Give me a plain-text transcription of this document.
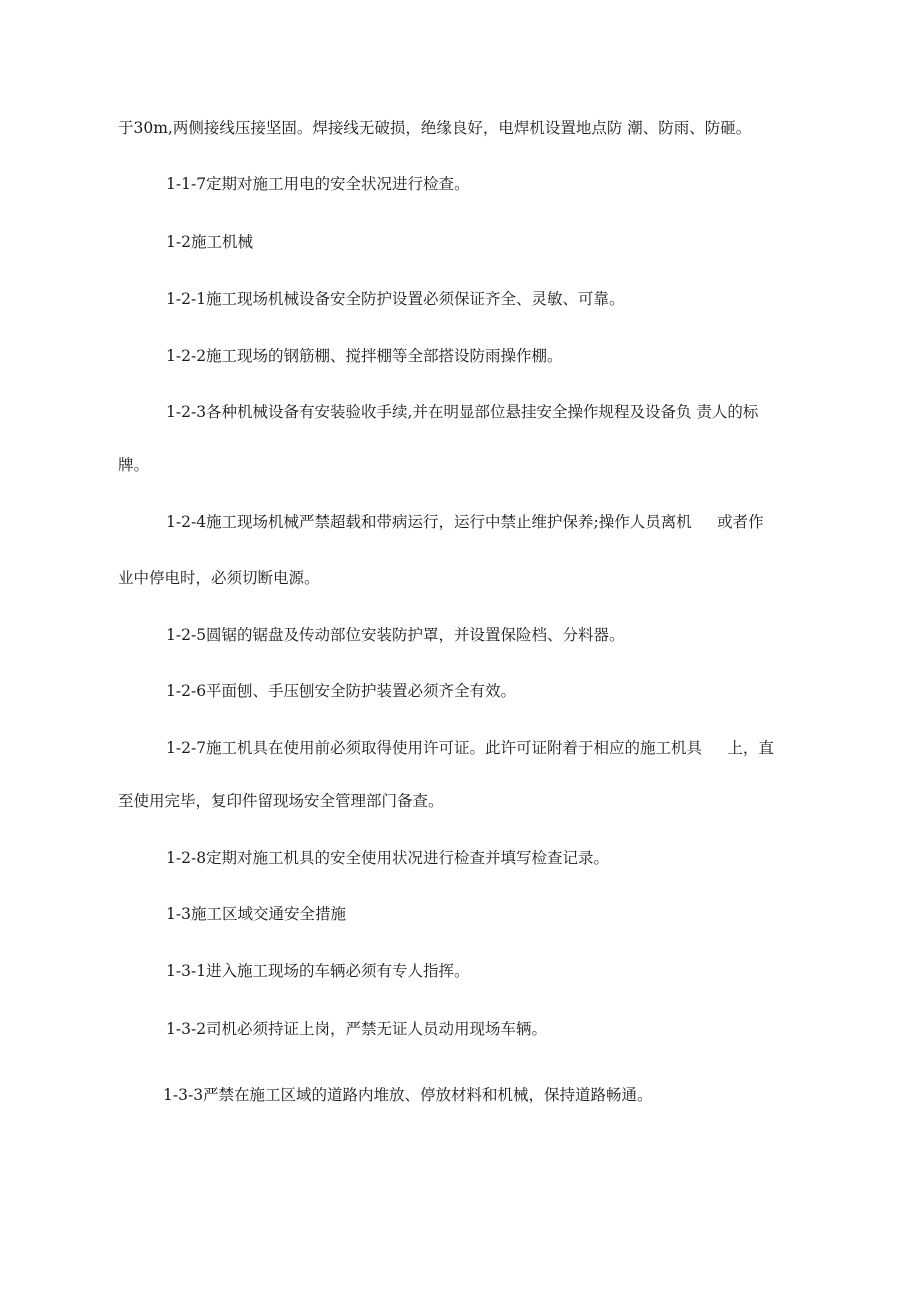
于30m,两侧接线压接坚固。焊接线无破损，绝缘良好，电焊机设置地点防 潮、防雨、防砸。
1-1-7定期对施工用电的安全状况进行检查。
1-2施工机械
1-2-1施工现场机械设备安全防护设置必须保证齐全、灵敏、可靠。
1-2-2施工现场的钢筋棚、搅拌棚等全部搭设防雨操作棚。
1-2-3各种机械设备有安装验收手续,并在明显部位悬挂安全操作规程及设备负 责人的标
牌。
1-2-4施工现场机械严禁超载和带病运行，运行中禁止维护保养;操作人员离机 　 或者作
业中停电时，必须切断电源。
1-2-5圆锯的锯盘及传动部位安装防护罩，并设置保险档、分料器。
1-2-6平面刨、手压刨安全防护装置必须齐全有效。
1-2-7施工机具在使用前必须取得使用许可证。此许可证附着于相应的施工机具 　 上，直
至使用完毕，复印件留现场安全管理部门备查。
1-2-8定期对施工机具的安全使用状况进行检查并填写检查记录。
1-3施工区域交通安全措施
1-3-1进入施工现场的车辆必须有专人指挥。
1-3-2司机必须持证上岗，严禁无证人员动用现场车辆。
1-3-3严禁在施工区域的道路内堆放、停放材料和机械，保持道路畅通。
